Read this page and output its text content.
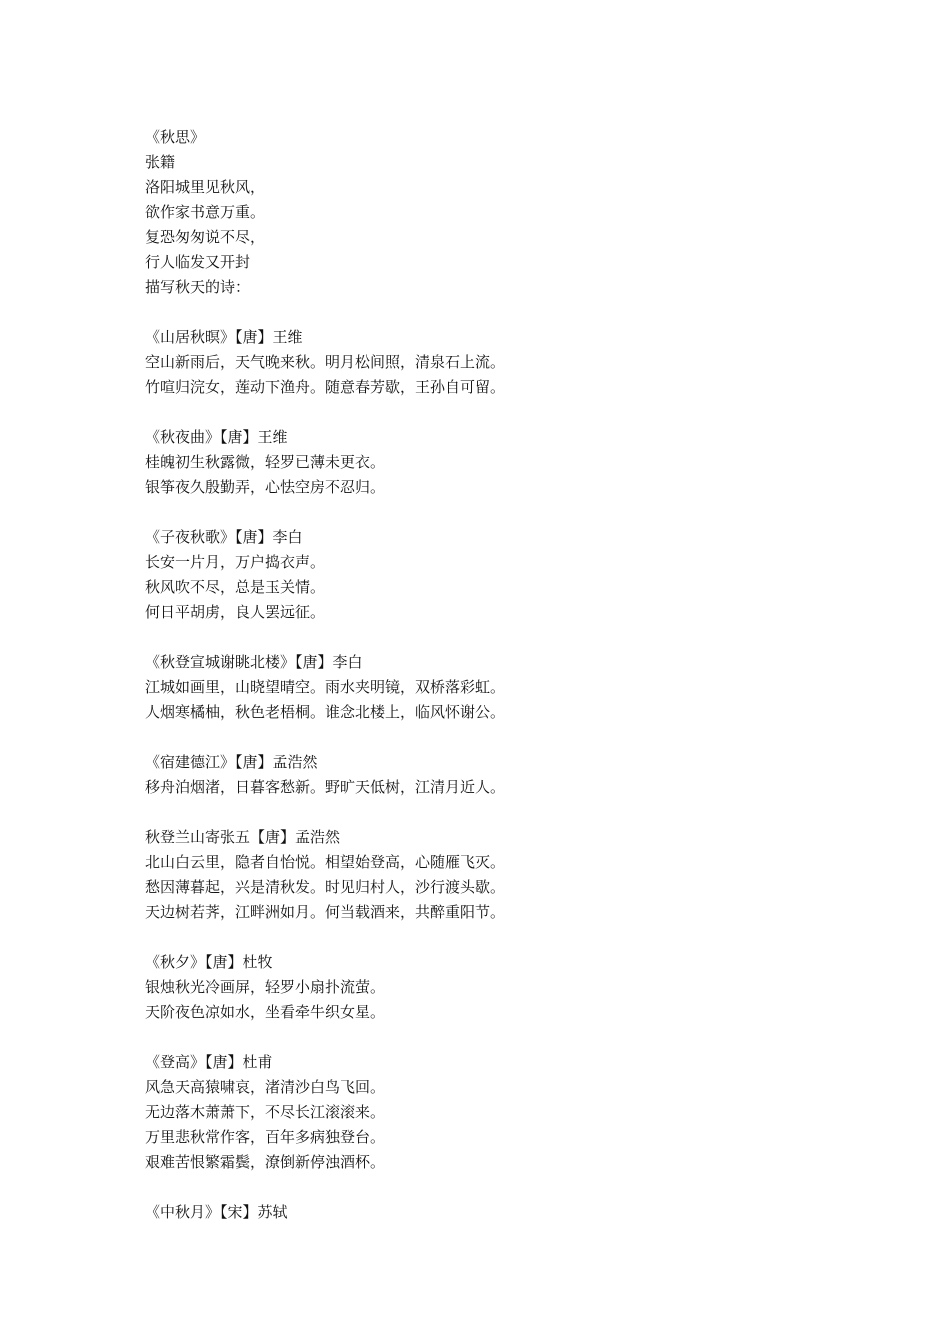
《秋思》
张籍
洛阳城里见秋风，
欲作家书意万重。
复恐匆匆说不尽，
行人临发又开封
描写秋天的诗：
《山居秋暝》【唐】王维
空山新雨后，天气晚来秋。明月松间照，清泉石上流。
竹喧归浣女，莲动下渔舟。随意春芳歇，王孙自可留。
《秋夜曲》【唐】王维
桂魄初生秋露微，轻罗已薄未更衣。
银筝夜久殷勤弄，心怯空房不忍归。
《子夜秋歌》【唐】李白
长安一片月，万户捣衣声。
秋风吹不尽，总是玉关情。
何日平胡虏，良人罢远征。
《秋登宣城谢眺北楼》【唐】李白
江城如画里，山晓望晴空。雨水夹明镜，双桥落彩虹。
人烟寒橘柚，秋色老梧桐。谁念北楼上，临风怀谢公。
《宿建德江》【唐】孟浩然
移舟泊烟渚，日暮客愁新。野旷天低树，江清月近人。
秋登兰山寄张五【唐】孟浩然
北山白云里，隐者自怡悦。相望始登高，心随雁飞灭。
愁因薄暮起，兴是清秋发。时见归村人，沙行渡头歇。
天边树若荠，江畔洲如月。何当载酒来，共醉重阳节。
《秋夕》【唐】杜牧
银烛秋光冷画屏，轻罗小扇扑流萤。
天阶夜色凉如水，坐看牵牛织女星。
《登高》【唐】杜甫
风急天高猿啸哀，渚清沙白鸟飞回。
无边落木萧萧下，不尽长江滚滚来。
万里悲秋常作客，百年多病独登台。
艰难苦恨繁霜鬓，潦倒新停浊酒杯。
《中秋月》【宋】苏轼
